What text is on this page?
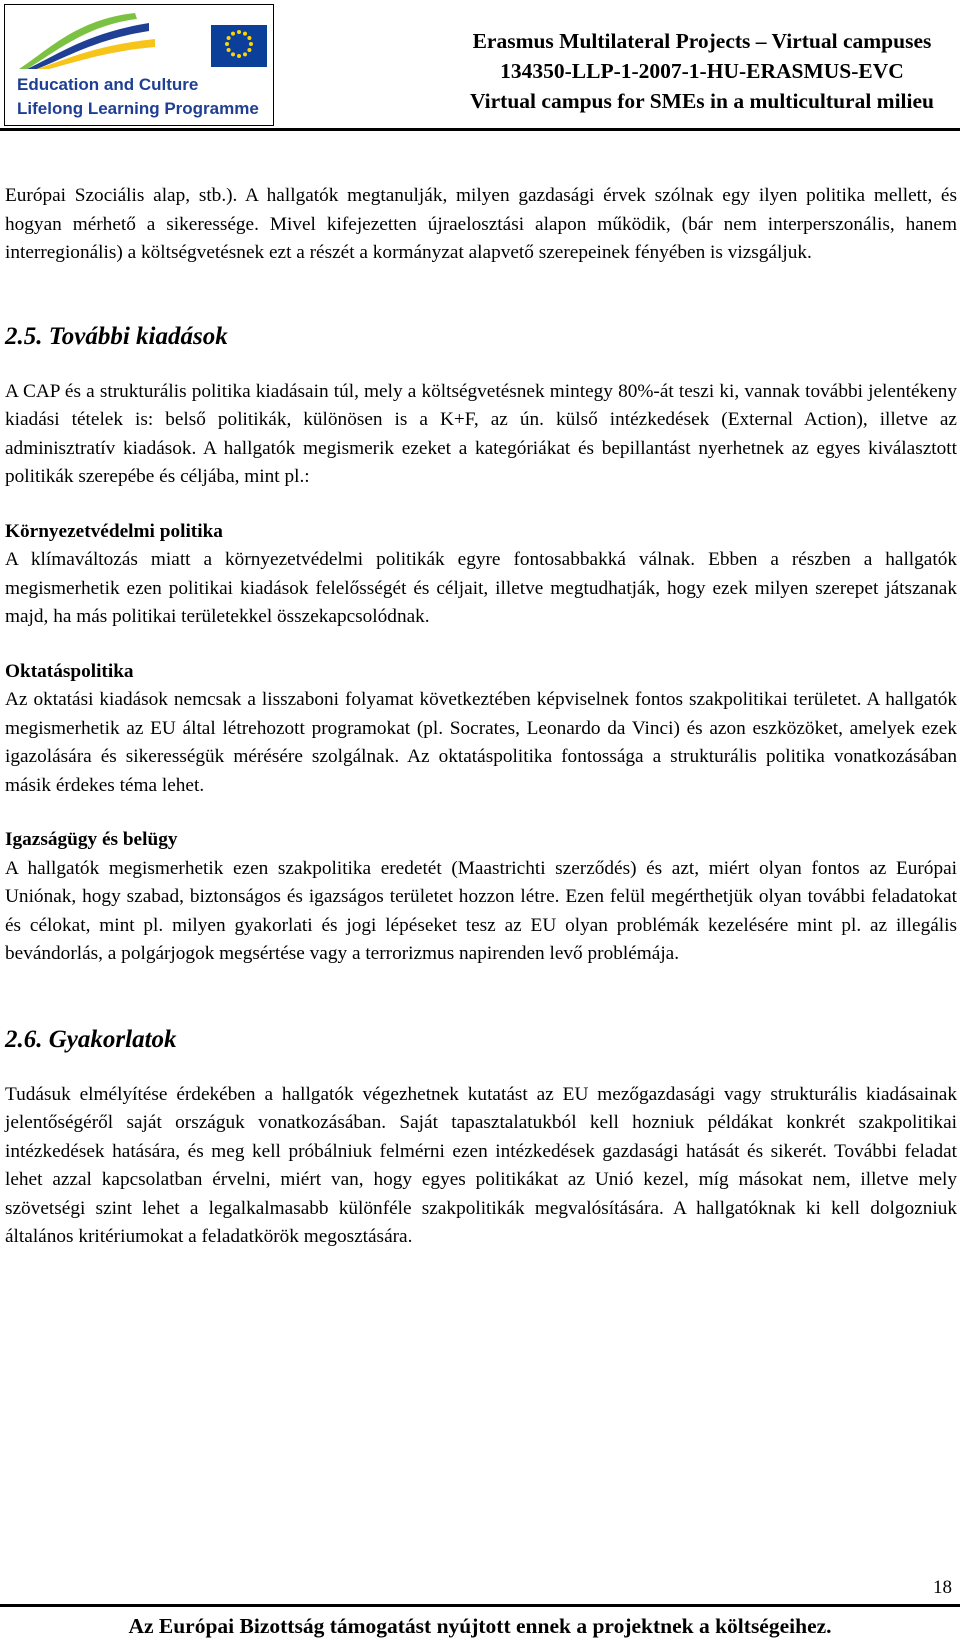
Education and Culture
Lifelong Learning Programme
Erasmus Multilateral Projects – Virtual campuses
134350-LLP-1-2007-1-HU-ERASMUS-EVC
Virtual campus for SMEs in a multicultural milieu

Európai Szociális alap, stb.). A hallgatók megtanulják, milyen gazdasági érvek szólnak egy ilyen politika mellett, és hogyan mérhető a sikeressége. Mivel kifejezetten újraelosztási alapon működik, (bár nem interperszonális, hanem interregionális) a költségvetésnek ezt a részét a kormányzat alapvető szerepeinek fényében is vizsgáljuk.

2.5. További kiadások

A CAP és a strukturális politika kiadásain túl, mely a költségvetésnek mintegy 80%-át teszi ki, vannak további jelentékeny kiadási tételek is: belső politikák, különösen is a K+F, az ún. külső intézkedések (External Action), illetve az adminisztratív kiadások. A hallgatók megismerik ezeket a kategóriákat és bepillantást nyerhetnek az egyes kiválasztott politikák szerepébe és céljába, mint pl.:

Környezetvédelmi politika

A klímaváltozás miatt a környezetvédelmi politikák egyre fontosabbakká válnak. Ebben a részben a hallgatók megismerhetik ezen politikai kiadások felelősségét és céljait, illetve megtudhatják, hogy ezek milyen szerepet játszanak majd, ha más politikai területekkel összekapcsolódnak.

Oktatáspolitika

Az oktatási kiadások nemcsak a lisszaboni folyamat következtében képviselnek fontos szakpolitikai területet. A hallgatók megismerhetik az EU által létrehozott programokat (pl. Socrates, Leonardo da Vinci) és azon eszközöket, amelyek ezek igazolására és sikerességük mérésére szolgálnak. Az oktatáspolitika fontossága a strukturális politika vonatkozásában másik érdekes téma lehet.

Igazságügy és belügy

A hallgatók megismerhetik ezen szakpolitika eredetét (Maastrichti szerződés) és azt, miért olyan fontos az Európai Uniónak, hogy szabad, biztonságos és igazságos területet hozzon létre. Ezen felül megérthetjük olyan további feladatokat és célokat, mint pl. milyen gyakorlati és jogi lépéseket tesz az EU olyan problémák kezelésére mint pl. az illegális bevándorlás, a polgárjogok megsértése vagy a terrorizmus napirenden levő problémája.

2.6. Gyakorlatok

Tudásuk elmélyítése érdekében a hallgatók végezhetnek kutatást az EU mezőgazdasági vagy strukturális kiadásainak jelentőségéről saját országuk vonatkozásában. Saját tapasztalatukból kell hozniuk példákat konkrét szakpolitikai intézkedések hatására, és meg kell próbálniuk felmérni ezen intézkedések gazdasági hatását és sikerét. További feladat lehet azzal kapcsolatban érvelni, miért van, hogy egyes politikákat az Unió kezel, míg másokat nem, illetve mely szövetségi szint lehet a legalkalmasabb különféle szakpolitikák megvalósítására. A hallgatóknak ki kell dolgozniuk általános kritériumokat a feladatkörök megosztására.

18
Az Európai Bizottság támogatást nyújtott ennek a projektnek a költségeihez.
